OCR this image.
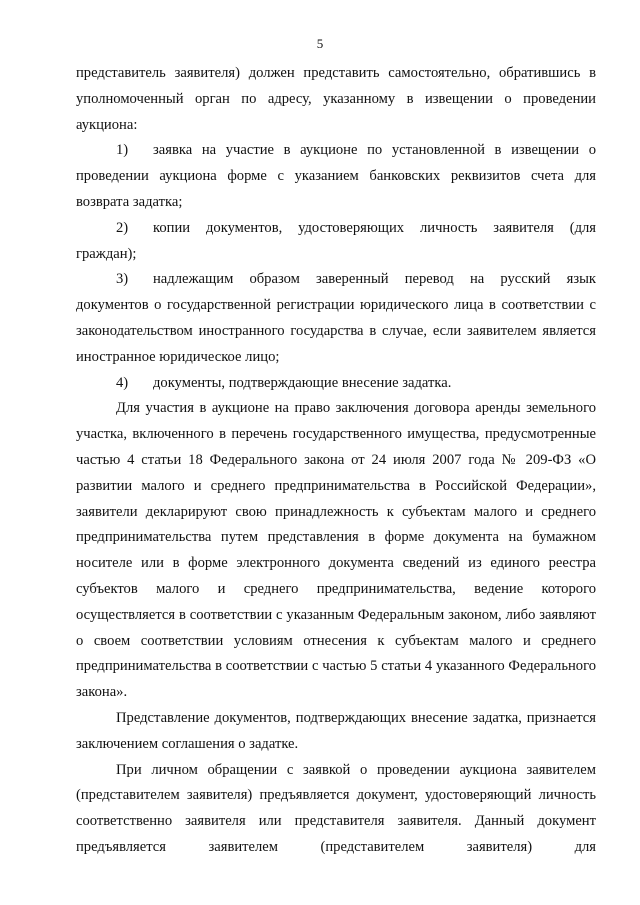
5

представитель заявителя) должен представить самостоятельно, обратившись в уполномоченный орган по адресу, указанному в извещении о проведении аукциона:

1) заявка на участие в аукционе по установленной в извещении о проведении аукциона форме с указанием банковских реквизитов счета для возврата задатка;

2) копии документов, удостоверяющих личность заявителя (для граждан);

3) надлежащим образом заверенный перевод на русский язык документов о государственной регистрации юридического лица в соответствии с законодательством иностранного государства в случае, если заявителем является иностранное юридическое лицо;

4) документы, подтверждающие внесение задатка.

Для участия в аукционе на право заключения договора аренды земельного участка, включенного в перечень государственного имущества, предусмотренные частью 4 статьи 18 Федерального закона от 24 июля 2007 года № 209-ФЗ «О развитии малого и среднего предпринимательства в Российской Федерации», заявители декларируют свою принадлежность к субъектам малого и среднего предпринимательства путем представления в форме документа на бумажном носителе или в форме электронного документа сведений из единого реестра субъектов малого и среднего предпринимательства, ведение которого осуществляется в соответствии с указанным Федеральным законом, либо заявляют о своем соответствии условиям отнесения к субъектам малого и среднего предпринимательства в соответствии с частью 5 статьи 4 указанного Федерального закона».

Представление документов, подтверждающих внесение задатка, признается заключением соглашения о задатке.

При личном обращении с заявкой о проведении аукциона заявителем (представителем заявителя) предъявляется документ, удостоверяющий личность соответственно заявителя или представителя заявителя. Данный документ предъявляется заявителем (представителем заявителя) для
